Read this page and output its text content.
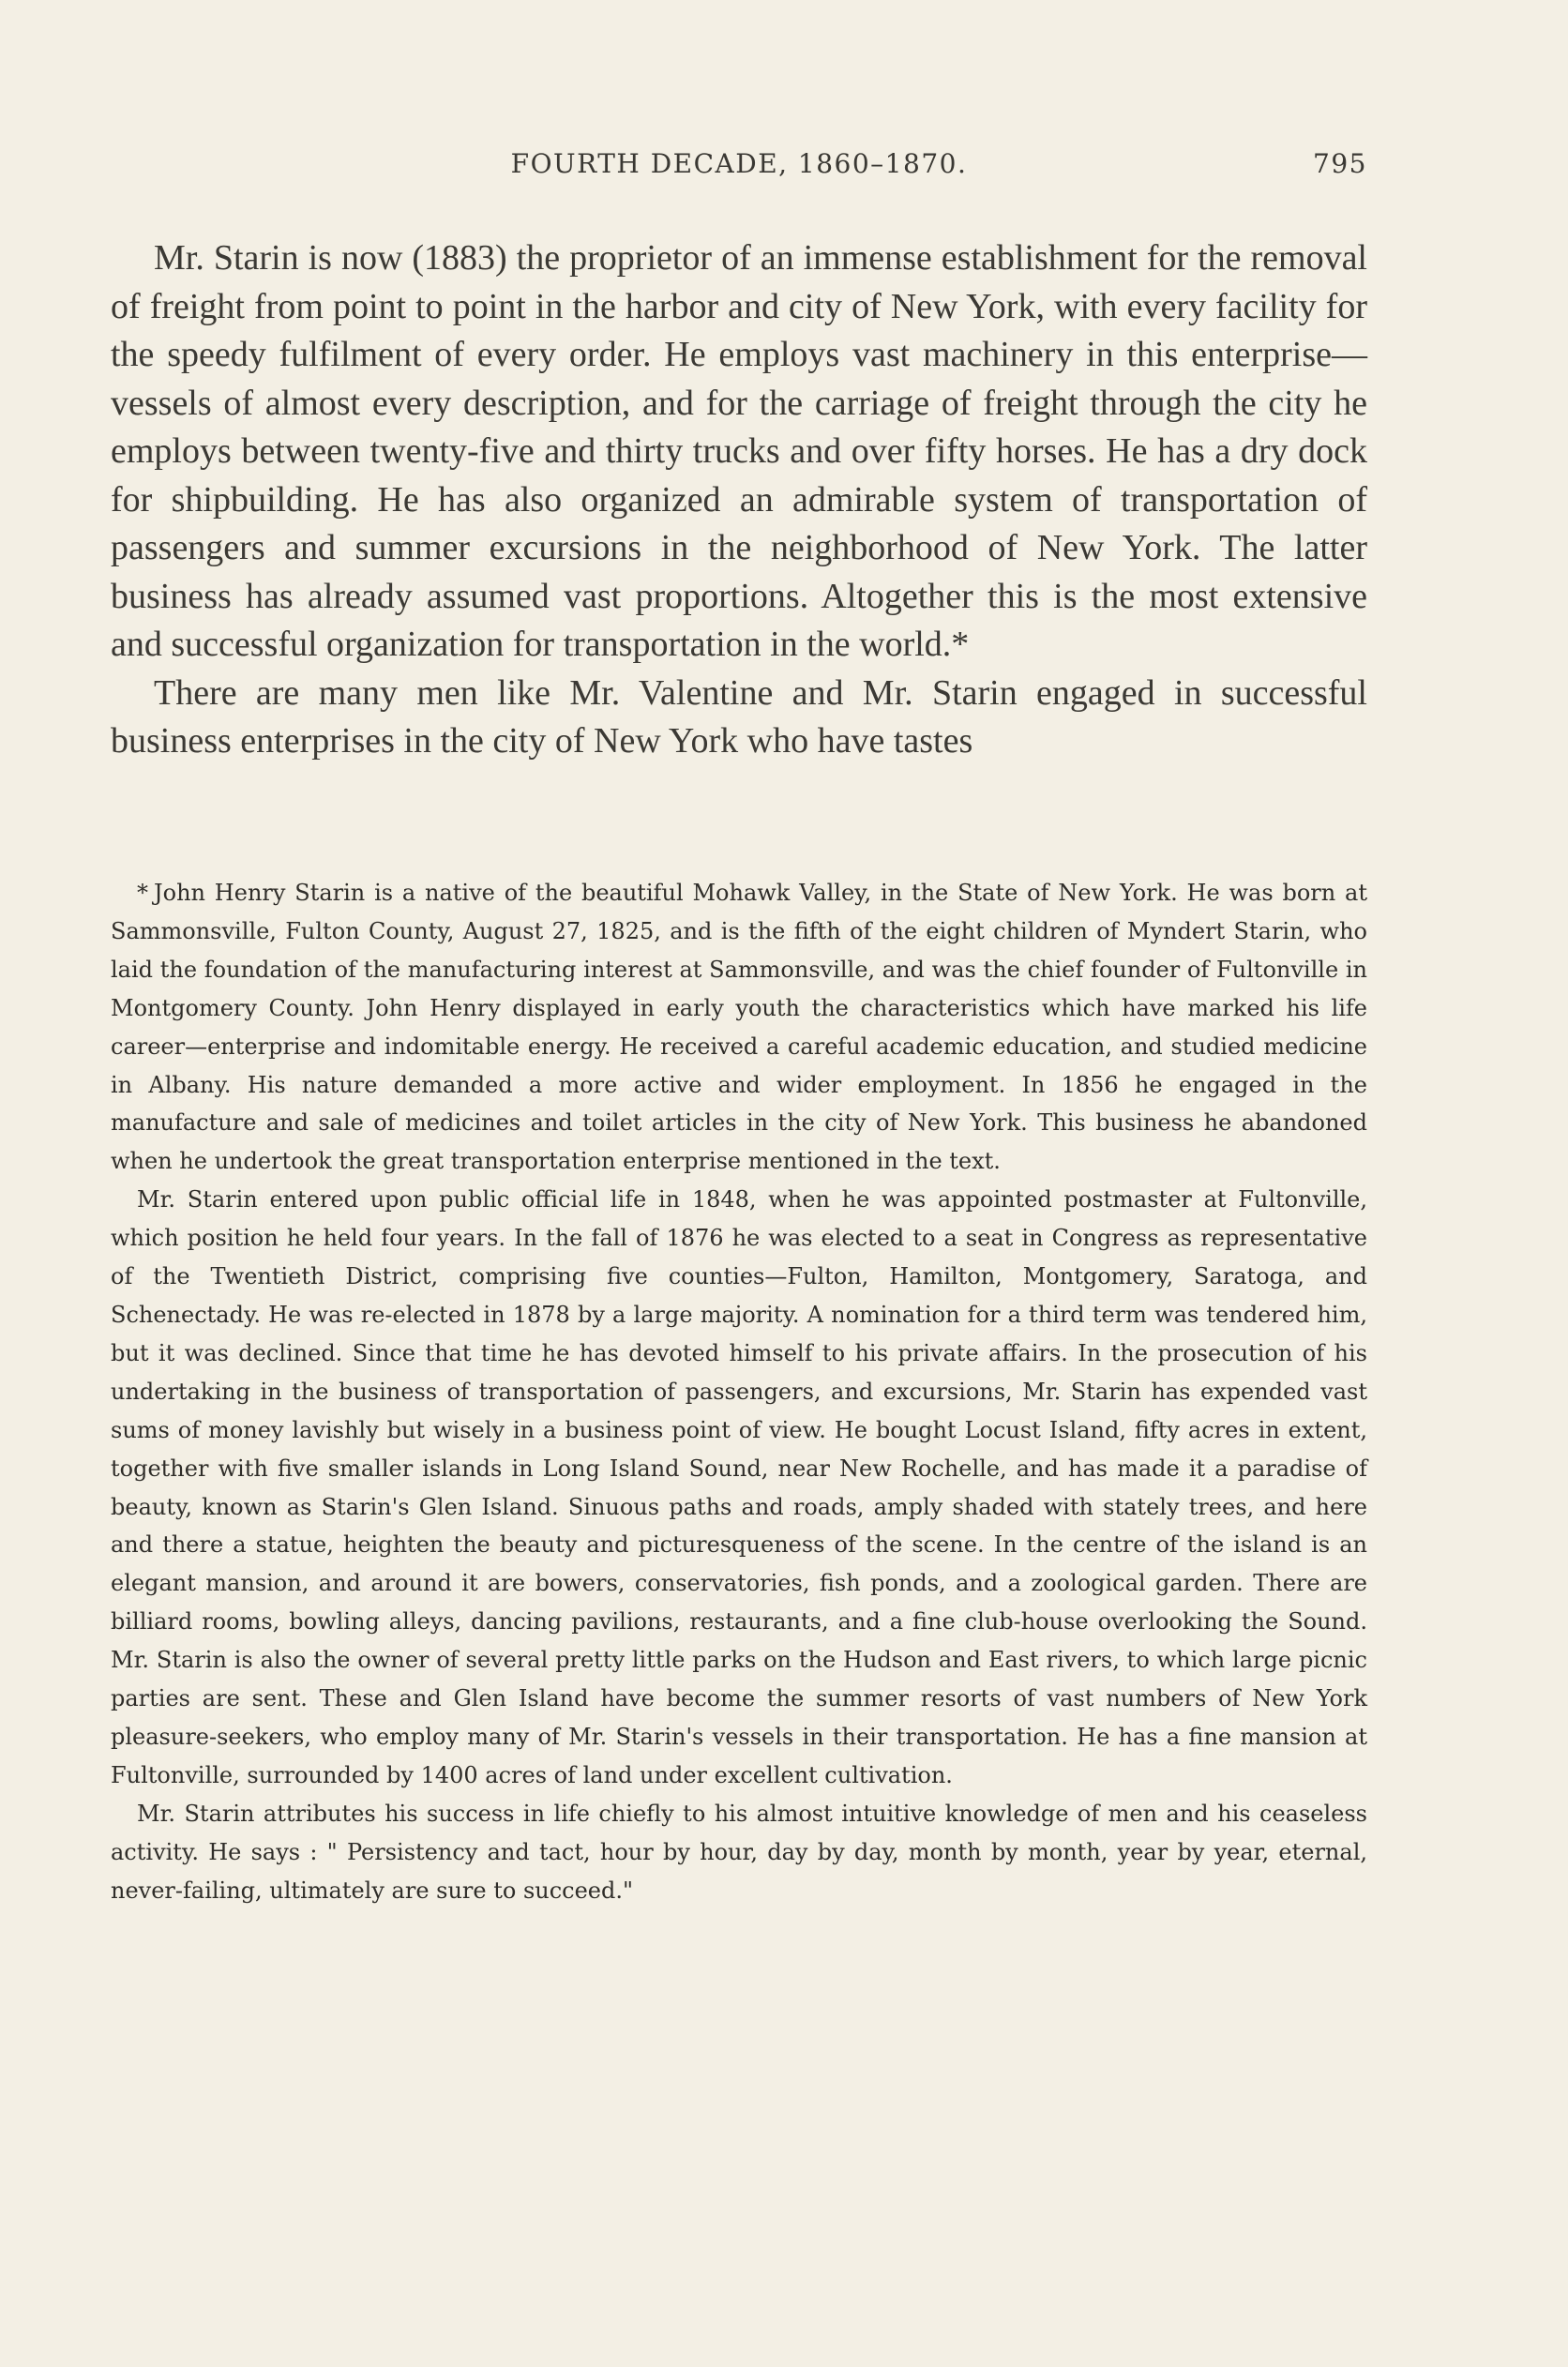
FOURTH DECADE, 1860–1870.	795

Mr. Starin is now (1883) the proprietor of an immense establishment for the removal of freight from point to point in the harbor and city of New York, with every facility for the speedy fulfilment of every order. He employs vast machinery in this enterprise—vessels of almost every description, and for the carriage of freight through the city he employs between twenty-five and thirty trucks and over fifty horses. He has a dry dock for shipbuilding. He has also organized an admirable system of transportation of passengers and summer excursions in the neighborhood of New York. The latter business has already assumed vast proportions. Altogether this is the most extensive and successful organization for transportation in the world.*

There are many men like Mr. Valentine and Mr. Starin engaged in successful business enterprises in the city of New York who have tastes

* John Henry Starin is a native of the beautiful Mohawk Valley, in the State of New York. He was born at Sammonsville, Fulton County, August 27, 1825, and is the fifth of the eight children of Myndert Starin, who laid the foundation of the manufacturing interest at Sammonsville, and was the chief founder of Fultonville in Montgomery County. John Henry displayed in early youth the characteristics which have marked his life career—enterprise and indomitable energy. He received a careful academic education, and studied medicine in Albany. His nature demanded a more active and wider employment. In 1856 he engaged in the manufacture and sale of medicines and toilet articles in the city of New York. This business he abandoned when he undertook the great transportation enterprise mentioned in the text.

Mr. Starin entered upon public official life in 1848, when he was appointed postmaster at Fultonville, which position he held four years. In the fall of 1876 he was elected to a seat in Congress as representative of the Twentieth District, comprising five counties—Fulton, Hamilton, Montgomery, Saratoga, and Schenectady. He was re-elected in 1878 by a large majority. A nomination for a third term was tendered him, but it was declined. Since that time he has devoted himself to his private affairs. In the prosecution of his undertaking in the business of transportation of passengers, and excursions, Mr. Starin has expended vast sums of money lavishly but wisely in a business point of view. He bought Locust Island, fifty acres in extent, together with five smaller islands in Long Island Sound, near New Rochelle, and has made it a paradise of beauty, known as Starin's Glen Island. Sinuous paths and roads, amply shaded with stately trees, and here and there a statue, heighten the beauty and picturesqueness of the scene. In the centre of the island is an elegant mansion, and around it are bowers, conservatories, fish ponds, and a zoological garden. There are billiard rooms, bowling alleys, dancing pavilions, restaurants, and a fine club-house overlooking the Sound. Mr. Starin is also the owner of several pretty little parks on the Hudson and East rivers, to which large picnic parties are sent. These and Glen Island have become the summer resorts of vast numbers of New York pleasure-seekers, who employ many of Mr. Starin's vessels in their transportation. He has a fine mansion at Fultonville, surrounded by 1400 acres of land under excellent cultivation.

Mr. Starin attributes his success in life chiefly to his almost intuitive knowledge of men and his ceaseless activity. He says : " Persistency and tact, hour by hour, day by day, month by month, year by year, eternal, never-failing, ultimately are sure to succeed."
